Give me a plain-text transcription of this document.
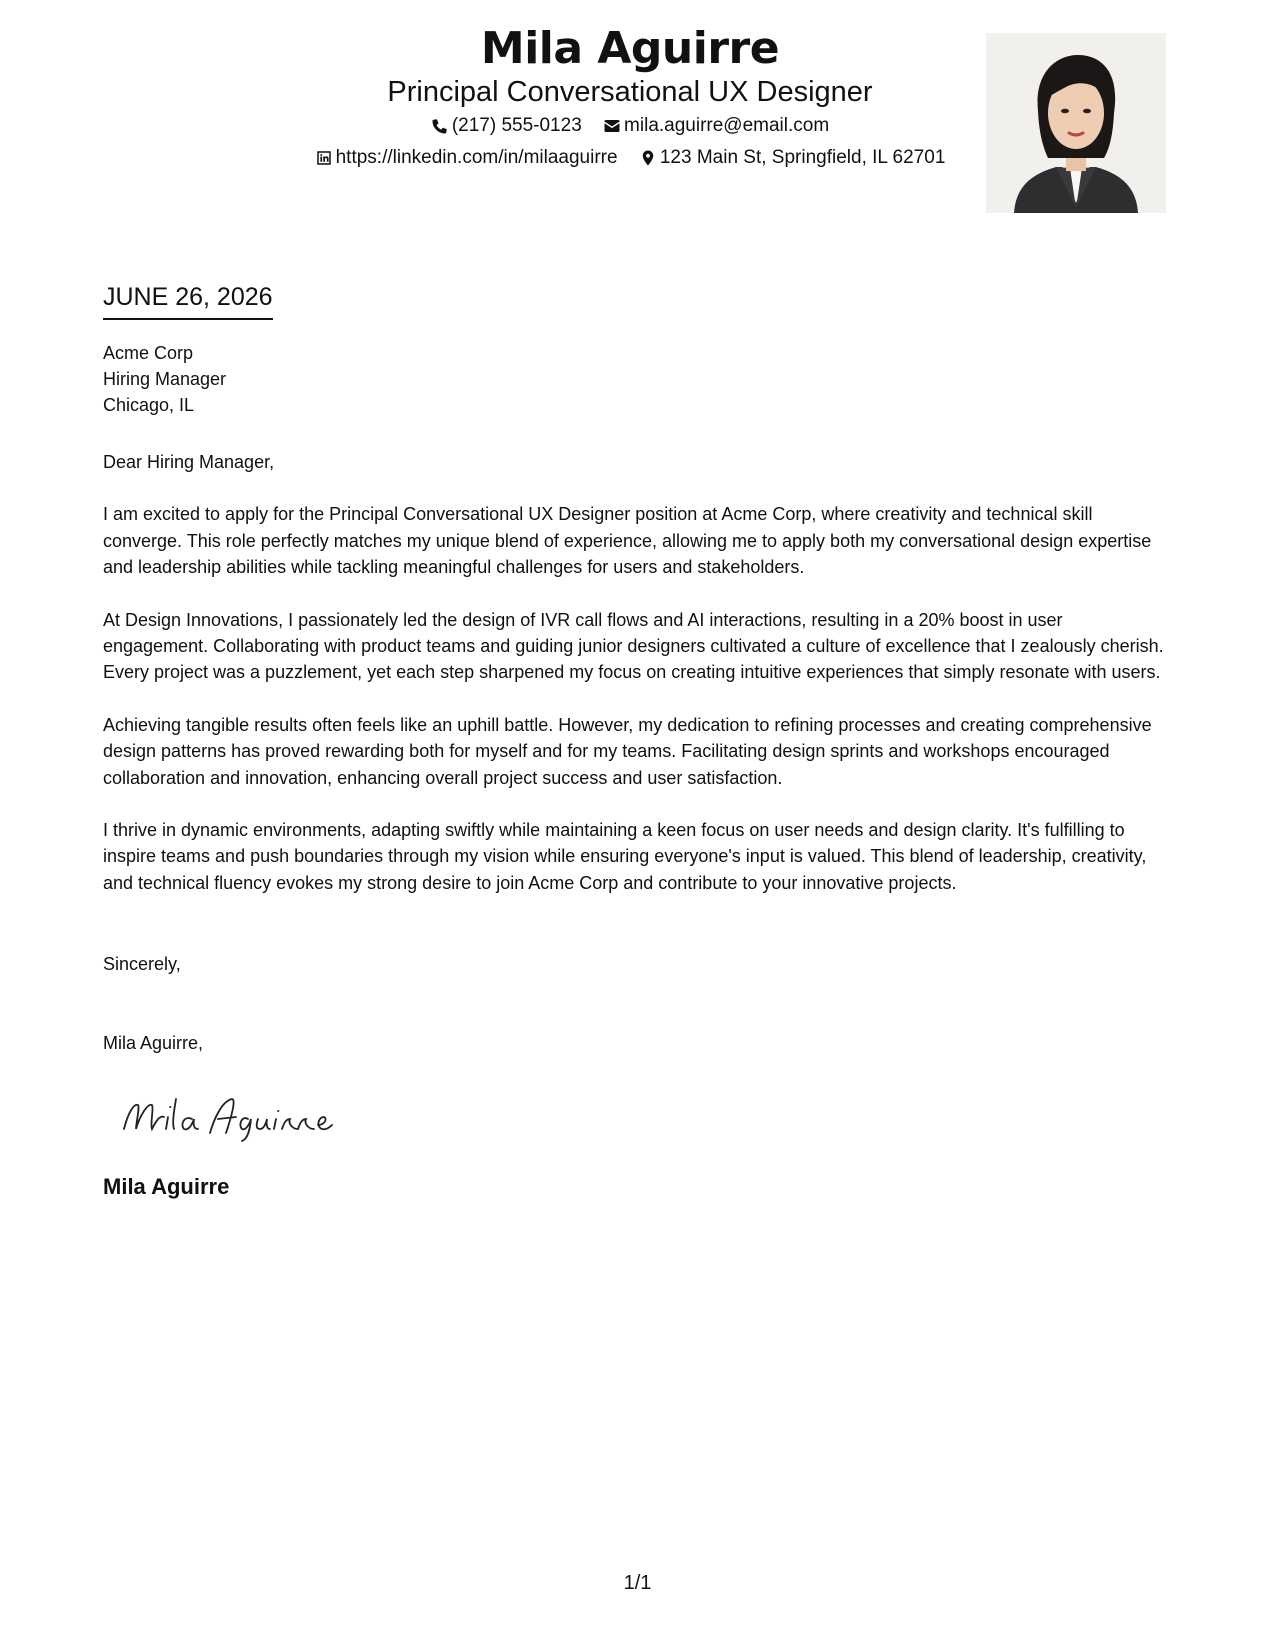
Mila Aguirre
Principal Conversational UX Designer
(217) 555-0123
mila.aguirre@email.com
https://linkedin.com/in/milaaguirre
123 Main St, Springfield, IL 62701
JUNE 26, 2026
Acme Corp
Hiring Manager
Chicago, IL

Dear Hiring Manager,

I am excited to apply for the Principal Conversational UX Designer position at Acme Corp, where creativity and technical skill converge. This role perfectly matches my unique blend of experience, allowing me to apply both my conversational design expertise and leadership abilities while tackling meaningful challenges for users and stakeholders.

At Design Innovations, I passionately led the design of IVR call flows and AI interactions, resulting in a 20% boost in user engagement. Collaborating with product teams and guiding junior designers cultivated a culture of excellence that I zealously cherish. Every project was a puzzlement, yet each step sharpened my focus on creating intuitive experiences that simply resonate with users.

Achieving tangible results often feels like an uphill battle. However, my dedication to refining processes and creating comprehensive design patterns has proved rewarding both for myself and for my teams. Facilitating design sprints and workshops encouraged collaboration and innovation, enhancing overall project success and user satisfaction.

I thrive in dynamic environments, adapting swiftly while maintaining a keen focus on user needs and design clarity. It's fulfilling to inspire teams and push boundaries through my vision while ensuring everyone's input is valued. This blend of leadership, creativity, and technical fluency evokes my strong desire to join Acme Corp and contribute to your innovative projects.

Sincerely,
Mila Aguirre,
Mila Aguirre
1/1
